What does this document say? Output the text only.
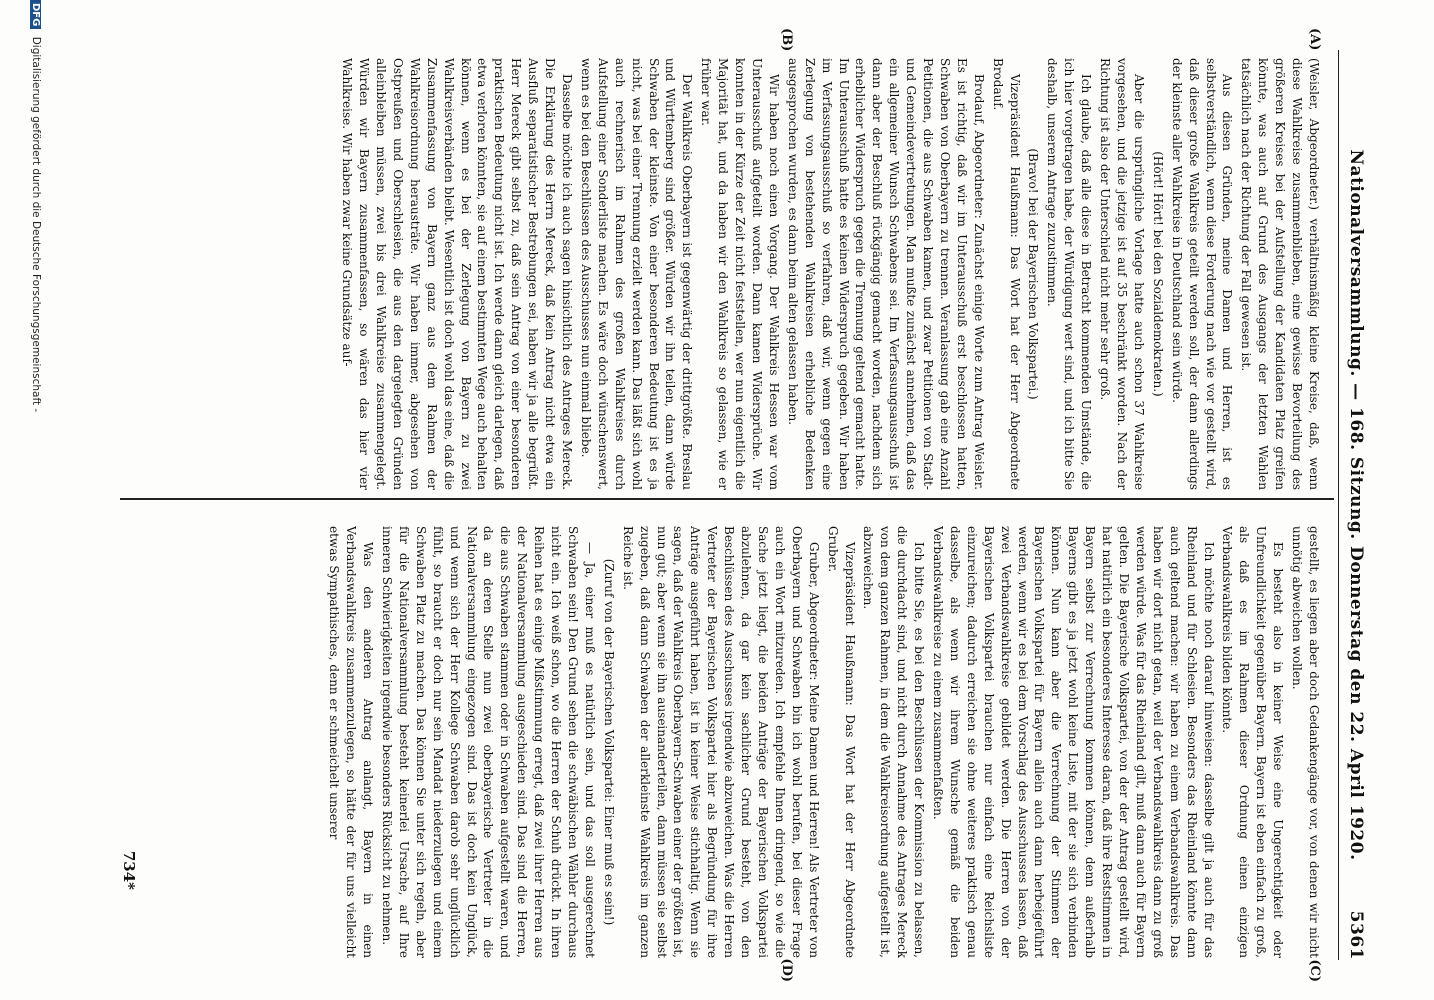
Nationalversammlung. — 168. Sitzung. Donnerstag den 22. April 1920.
5361
(A)
(B)
(C)
(D)

(Weisler, Abgeordneter.) verhältnismäßig kleine Kreise, daß, wenn diese Wahlkreise zusammenblieben, eine gewisse Bevorteilung des größeren Kreises bei der Aufstellung der Kandidaten Platz greifen könnte, was auch auf Grund des Ausgangs der letzten Wahlen tatsächlich nach der Richtung der Fall gewesen ist.

Aus diesen Gründen, meine Damen und Herren, ist es selbstverständlich, wenn diese Forderung nach wie vor gestellt wird, daß dieser große Wahlkreis geteilt werden soll, der dann allerdings der kleinste aller Wahlkreise in Deutschland sein würde.

(Hört! Hört! bei den Sozialdemokraten.)

Aber die ursprüngliche Vorlage hatte auch schon 37 Wahlkreise vorgesehen, und die jetzige ist auf 35 beschränkt worden. Nach der Richtung ist also der Unterschied nicht mehr sehr groß.

Ich glaube, daß alle diese in Betracht kommenden Umstände, die ich hier vorgetragen habe, der Würdigung wert sind, und ich bitte Sie deshalb, unserem Antrage zuzustimmen.

(Bravo! bei der Bayerischen Volkspartei.)

Vizepräsident Haußmann: Das Wort hat der Herr Abgeordnete Brodauf.

Brodauf, Abgeordneter: Zunächst einige Worte zum Antrag Weisler. Es ist richtig, daß wir im Unterausschuß erst beschlossen hatten, Schwaben von Oberbayern zu trennen. Veranlassung gab eine Anzahl Petitionen, die aus Schwaben kamen, und zwar Petitionen von Stadt- und Gemeindevertretungen. Man mußte zunächst annehmen, daß das ein allgemeiner Wunsch Schwabens sei. Im Verfassungsausschuß ist dann aber der Beschluß rückgängig gemacht worden, nachdem sich erheblicher Widerspruch gegen die Trennung geltend gemacht hatte. Im Unterausschuß hatte es keinen Widerspruch gegeben. Wir haben im Verfassungsausschuß so verfahren, daß wir, wenn gegen eine Zerlegung von bestehenden Wahlkreisen erhebliche Bedenken ausgesprochen wurden, es dann beim alten gelassen haben.

Wir haben noch einen Vorgang. Der Wahlkreis Hessen war vom Unterausschuß aufgeteilt worden. Dann kamen Widersprüche. Wir konnten in der Kürze der Zeit nicht feststellen, wer nun eigentlich die Majorität hat, und da haben wir den Wahlkreis so gelassen, wie er früher war.

Der Wahlkreis Oberbayern ist gegenwärtig der drittgrößte. Breslau und Württemberg sind größer. Würden wir ihn teilen, dann würde Schwaben der kleinste. Von einer besonderen Bedeutung ist es ja nicht, was bei einer Trennung erzielt werden kann. Das läßt sich wohl auch rechnerisch im Rahmen des großen Wahlkreises durch Aufstellung einer Sonderliste machen. Es wäre doch wünschenswert, wenn es bei den Beschlüssen des Ausschusses nun einmal bliebe.

Dasselbe möchte ich auch sagen hinsichtlich des Antrages Mereck. Die Erklärung des Herrn Mereck, daß kein Antrag nicht etwa ein Ausfluß separatistischer Bestrebungen sei, haben wir ja alle begrüßt. Herr Mereck gibt selbst zu, daß sein Antrag von einer besonderen praktischen Bedeutung nicht ist. Ich werde dann gleich darlegen, daß etwa verloren könnten, sie auf einem bestimmten Wege auch behalten können, wenn es bei der Zerlegung von Bayern zu zwei Wahlkreisverbänden bleibt. Wesentlich ist doch wohl das eine, daß die Zusammenfassung von Bayern ganz aus dem Rahmen der Wahlkreisordnung herausträte. Wir haben immer, abgesehen von Ostpreußen und Oberschlesien, die aus den dargelegten Gründen alleinbleiben müssen, zwei bis drei Wahlkreise zusammengelegt. Würden wir Bayern zusammenfassen, so wären das hier vier Wahlkreise. Wir haben zwar keine Grundsätze auf-

gestellt, es liegen aber doch Gedankengänge vor, von denen wir nicht unnötig abweichen wollen.

Es besteht also in keiner Weise eine Ungerechtigkeit oder Unfreundlichkeit gegenüber Bayern. Bayern ist eben einfach zu groß, als daß es im Rahmen dieser Ordnung einen einzigen Verbandswahlkreis bilden könnte.

Ich möchte noch darauf hinweisen: dasselbe gilt ja auch für das Rheinland und für Schlesien. Besonders das Rheinland könnte dann auch geltend machen: wir haben zu einem Verbandswahlkreis. Das haben wir dort nicht getan, weil der Verbandswahlkreis dann zu groß werden würde. Was für das Rheinland gilt, muß dann auch für Bayern gelten. Die Bayerische Volkspartei, von der der Antrag gestellt wird, hat natürlich ein besonderes Interesse daran, daß ihre Reststimmen in Bayern selbst zur Verrechnung kommen können, denn außerhalb Bayerns gibt es ja jetzt wohl keine Liste, mit der sie sich verbinden können. Nun kann aber die Verrechnung der Stimmen der Bayerischen Volkspartei für Bayern allein auch dann herbeigeführt werden, wenn wir es bei dem Vorschlag des Ausschusses lassen, daß zwei Verbandswahlkreise gebildet werden. Die Herren von der Bayerischen Volkspartei brauchen nur einfach eine Reichsliste einzureichen; dadurch erreichen sie ohne weiteres praktisch genau dasselbe, als wenn wir ihrem Wunsche gemäß die beiden Verbandswahlkreise zu einem zusammenfaßten.

Ich bitte Sie, es bei den Beschlüssen der Kommission zu belassen, die durchdacht sind, und nicht durch Annahme des Antrages Mereck von dem ganzen Rahmen, in dem die Wahlkreisordnung aufgestellt ist, abzuweichen.

Vizepräsident Haußmann: Das Wort hat der Herr Abgeordnete Gruber.

Gruber, Abgeordneter: Meine Damen und Herren! Als Vertreter von Oberbayern und Schwaben bin ich wohl berufen, bei dieser Frage auch ein Wort mitzureden. Ich empfehle Ihnen dringend, so wie die Sache jetzt liegt, die beiden Anträge der Bayerischen Volkspartei abzulehnen, da gar kein sachlicher Grund besteht, von den Beschlüssen des Ausschusses irgendwie abzuweichen. Was die Herren Vertreter der Bayerischen Volkspartei hier als Begründung für ihre Anträge ausgeführt haben, ist in keiner Weise stichhaltig. Wenn sie sagen, daß der Wahlkreis Oberbayern-Schwaben einer der größten ist, nun gut; aber wenn sie ihn auseinanderteilen, dann müssen sie selbst zugeben, daß dann Schwaben der allerkleinste Wahlkreis im ganzen Reiche ist.

(Zuruf von der Bayerischen Volkspartei: Einer muß es sein!)

— Ja, einer muß es natürlich sein, und das soll ausgerechnet Schwaben sein! Den Grund sehen die schwäbischen Wähler durchaus nicht ein. Ich weiß schon, wo die Herren der Schuh drückt. In ihren Reihen hat es einige Mißstimmung erregt, daß zwei ihrer Herren aus der Nationalversammlung ausgeschieden sind. Das sind die Herren, die aus Schwaben stammen oder in Schwaben aufgestellt waren, und da an deren Stelle nun zwei oberbayerische Vertreter in die Nationalversammlung eingezogen sind. Das ist doch kein Unglück, und wenn sich der Herr Kollege Schwaben darob sehr unglücklich fühlt, so braucht er doch nur sein Mandat niederzulegen und einem Schwaben Platz zu machen. Das können Sie unter sich regeln, aber für die Nationalversammlung besteht keinerlei Ursache, auf Ihre inneren Schwierigkeiten irgendwie besonders Rücksicht zu nehmen.

Was den anderen Antrag anlangt, Bayern in einen Verbandswahlkreis zusammenzulegen, so hätte der für uns vielleicht etwas Sympathisches, denn er schmeichelt unserer

734*
DFG Digitalisierung gefördert durch die Deutsche Forschungsgemeinschaft -
